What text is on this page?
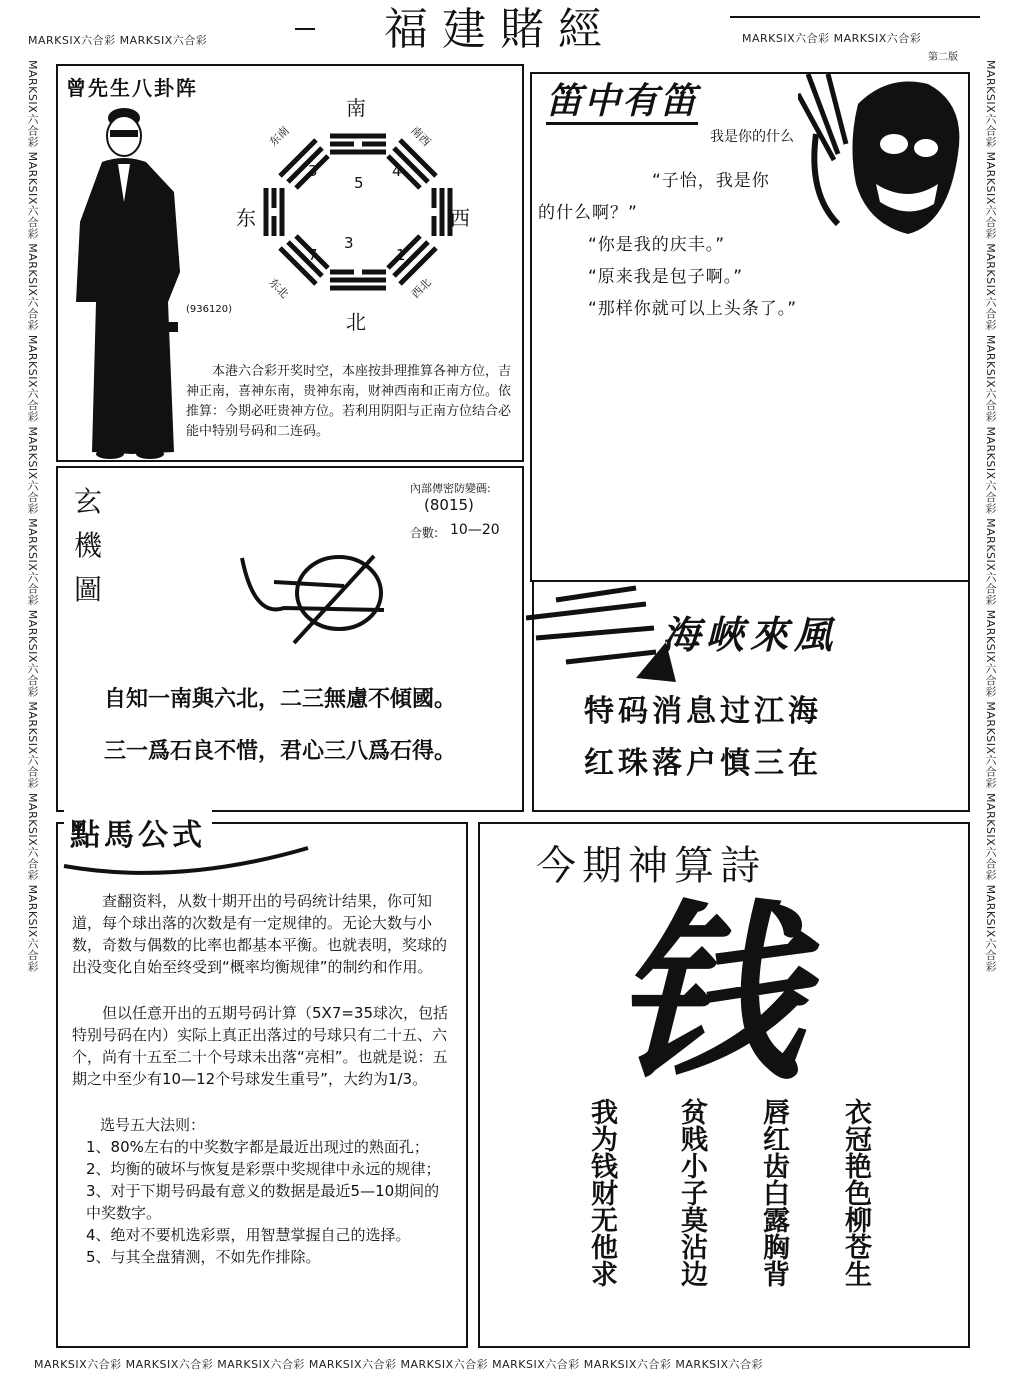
MARKSIX六合彩 MARKSIX六合彩	福建賭經	MARKSIX六合彩 MARKSIX六合彩
第二版
MARKSIX六合彩 MARKSIX六合彩 MARKSIX六合彩 MARKSIX六合彩 MARKSIX六合彩 MARKSIX六合彩 MARKSIX六合彩 MARKSIX六合彩 MARKSIX六合彩 MARKSIX六合彩	MARKSIX六合彩 MARKSIX六合彩 MARKSIX六合彩 MARKSIX六合彩 MARKSIX六合彩 MARKSIX六合彩 MARKSIX六合彩 MARKSIX六合彩 MARKSIX六合彩 MARKSIX六合彩
MARKSIX六合彩 MARKSIX六合彩 MARKSIX六合彩 MARKSIX六合彩 MARKSIX六合彩 MARKSIX六合彩 MARKSIX六合彩 MARKSIX六合彩
曾先生八卦阵
(936120)
南
北
东	西
东南	南西
东北	西北
3
5
4
7
3
1
本港六合彩开奖时空，本座按卦理推算各神方位，吉神正南，喜神东南，贵神东南，财神西南和正南方位。依推算：今期必旺贵神方位。若利用阴阳与正南方位结合必能中特别号码和二连码。
笛中有笛
我是你的什么
“子怡，我是你
的什么啊？”
“你是我的庆丰。”
“原来我是包子啊。”
“那样你就可以上头条了。”
玄
機
圖
內部傳密防變碼:
(8015)
合數: 10—20
自知一南與六北，二三無慮不傾國。
三一爲石良不惜，君心三八爲石得。
海峽來風
特码消息过江海
红珠落户慎三在
點馬公式
查翻资料，从数十期开出的号码统计结果，你可知道，每个球出落的次数是有一定规律的。无论大数与小数，奇数与偶数的比率也都基本平衡。也就表明，奖球的出没变化自始至终受到“概率均衡规律”的制约和作用。
但以任意开出的五期号码计算（5X7=35球次，包括特别号码在内）实际上真正出落过的号球只有二十五、六个，尚有十五至二十个号球未出落“亮相”。也就是说：五期之中至少有10—12个号球发生重号”，大约为1/3。
选号五大法则：
1、80%左右的中奖数字都是最近出现过的熟面孔；
2、均衡的破坏与恢复是彩票中奖规律中永远的规律；
3、对于下期号码最有意义的数据是最近5—10期间的中奖数字。
4、绝对不要机选彩票，用智慧掌握自己的选择。
5、与其全盘猜测，不如先作排除。
今期神算詩
钱
我为钱财无他求 贫贱小子莫沾边 唇红齿白露胸背 衣冠艳色柳苍生
